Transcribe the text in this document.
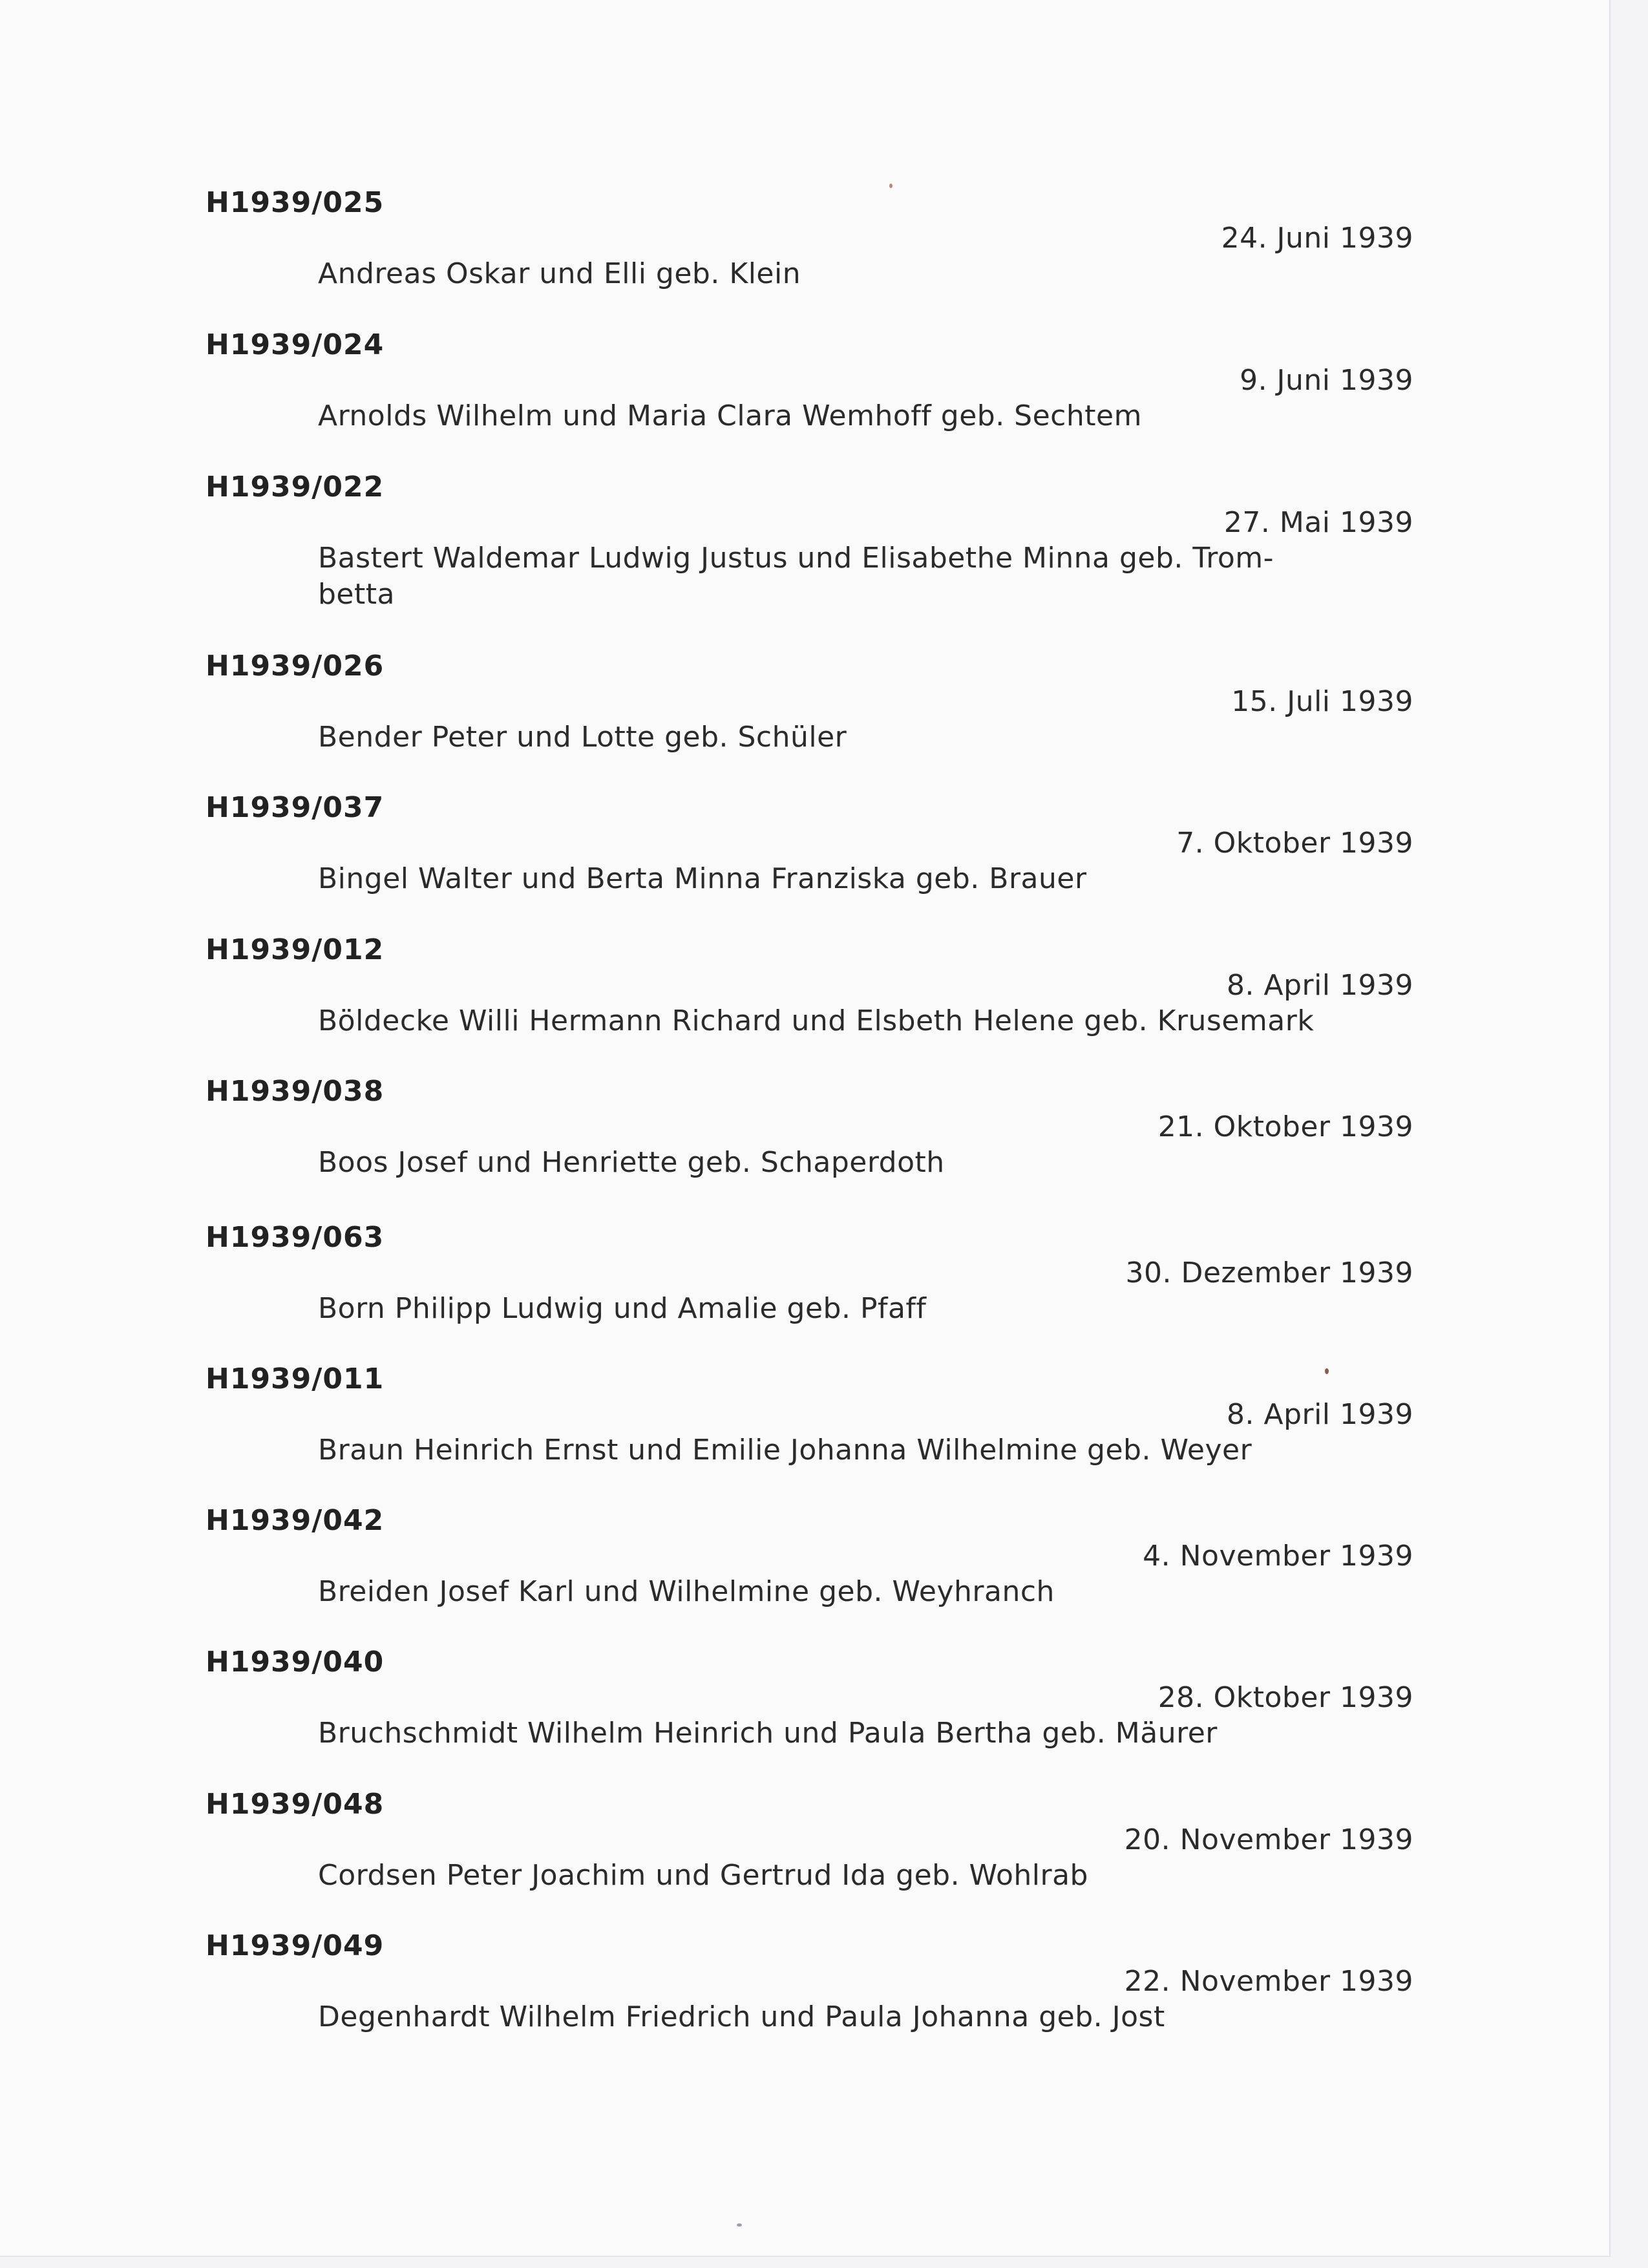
H1939/025
24. Juni 1939
Andreas Oskar und Elli geb. Klein
H1939/024
9. Juni 1939
Arnolds Wilhelm und Maria Clara Wemhoff geb. Sechtem
H1939/022
27. Mai 1939
Bastert Waldemar Ludwig Justus und Elisabethe Minna geb. Trom-
betta
H1939/026
15. Juli 1939
Bender Peter und Lotte geb. Schüler
H1939/037
7. Oktober 1939
Bingel Walter und Berta Minna Franziska geb. Brauer
H1939/012
8. April 1939
Böldecke Willi Hermann Richard und Elsbeth Helene geb. Krusemark
H1939/038
21. Oktober 1939
Boos Josef und Henriette geb. Schaperdoth
H1939/063
30. Dezember 1939
Born Philipp Ludwig und Amalie geb. Pfaff
H1939/011
8. April 1939
Braun Heinrich Ernst und Emilie Johanna Wilhelmine geb. Weyer
H1939/042
4. November 1939
Breiden Josef Karl und Wilhelmine geb. Weyhranch
H1939/040
28. Oktober 1939
Bruchschmidt Wilhelm Heinrich und Paula Bertha geb. Mäurer
H1939/048
20. November 1939
Cordsen Peter Joachim und Gertrud Ida geb. Wohlrab
H1939/049
22. November 1939
Degenhardt Wilhelm Friedrich und Paula Johanna geb. Jost
